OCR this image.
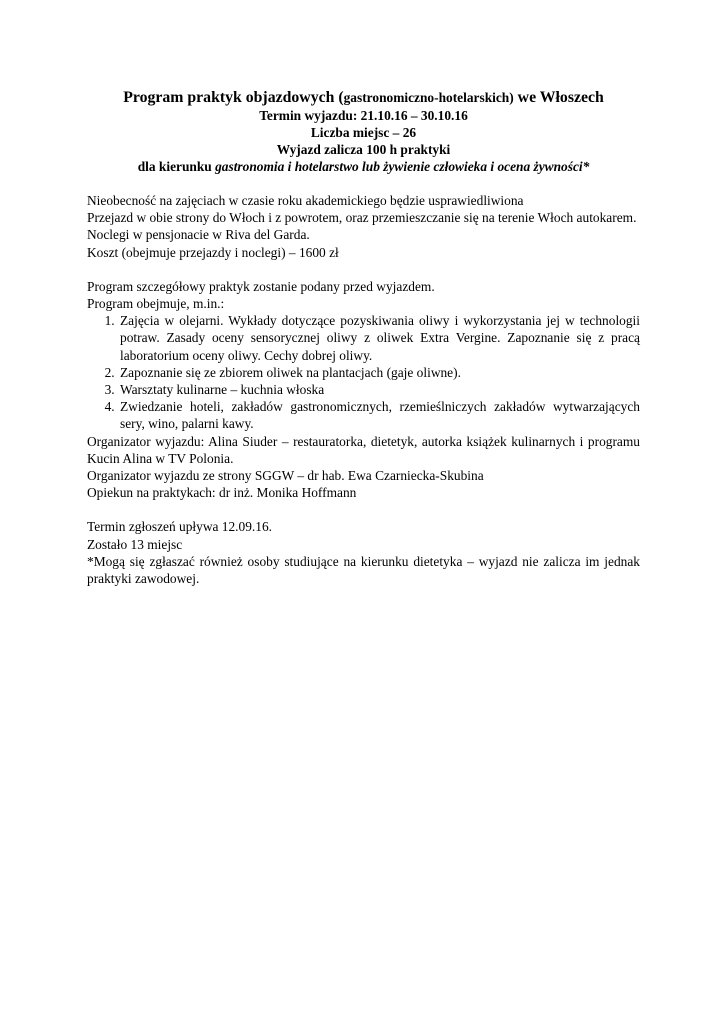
Program praktyk objazdowych (gastronomiczno-hotelarskich) we Włoszech
Termin wyjazdu: 21.10.16 – 30.10.16
Liczba miejsc – 26
Wyjazd zalicza 100 h praktyki
dla kierunku gastronomia i hotelarstwo lub żywienie człowieka i ocena żywności*

Nieobecność na zajęciach w czasie roku akademickiego będzie usprawiedliwiona

Przejazd w obie strony do Włoch i z powrotem, oraz przemieszczanie się na terenie Włoch autokarem.

Noclegi w pensjonacie w Riva del Garda.

Koszt (obejmuje przejazdy i noclegi) – 1600 zł

Program szczegółowy praktyk zostanie podany przed wyjazdem.

Program obejmuje, m.in.:

1. Zajęcia w olejarni. Wykłady dotyczące pozyskiwania oliwy i wykorzystania jej w technologii potraw. Zasady oceny sensorycznej oliwy z oliwek Extra Vergine. Zapoznanie się z pracą laboratorium oceny oliwy. Cechy dobrej oliwy.
2. Zapoznanie się ze zbiorem oliwek na plantacjach (gaje oliwne).
3. Warsztaty kulinarne – kuchnia włoska
4. Zwiedzanie hoteli, zakładów gastronomicznych, rzemieślniczych zakładów wytwarzających sery, wino, palarni kawy.

Organizator wyjazdu: Alina Siuder – restauratorka, dietetyk, autorka książek kulinarnych i programu Kucin Alina w TV Polonia.

Organizator wyjazdu ze strony SGGW – dr hab. Ewa Czarniecka-Skubina

Opiekun na praktykach: dr inż. Monika Hoffmann

Termin zgłoszeń upływa 12.09.16.

Zostało 13 miejsc

*Mogą się zgłaszać również osoby studiujące na kierunku dietetyka – wyjazd nie zalicza im jednak praktyki zawodowej.
